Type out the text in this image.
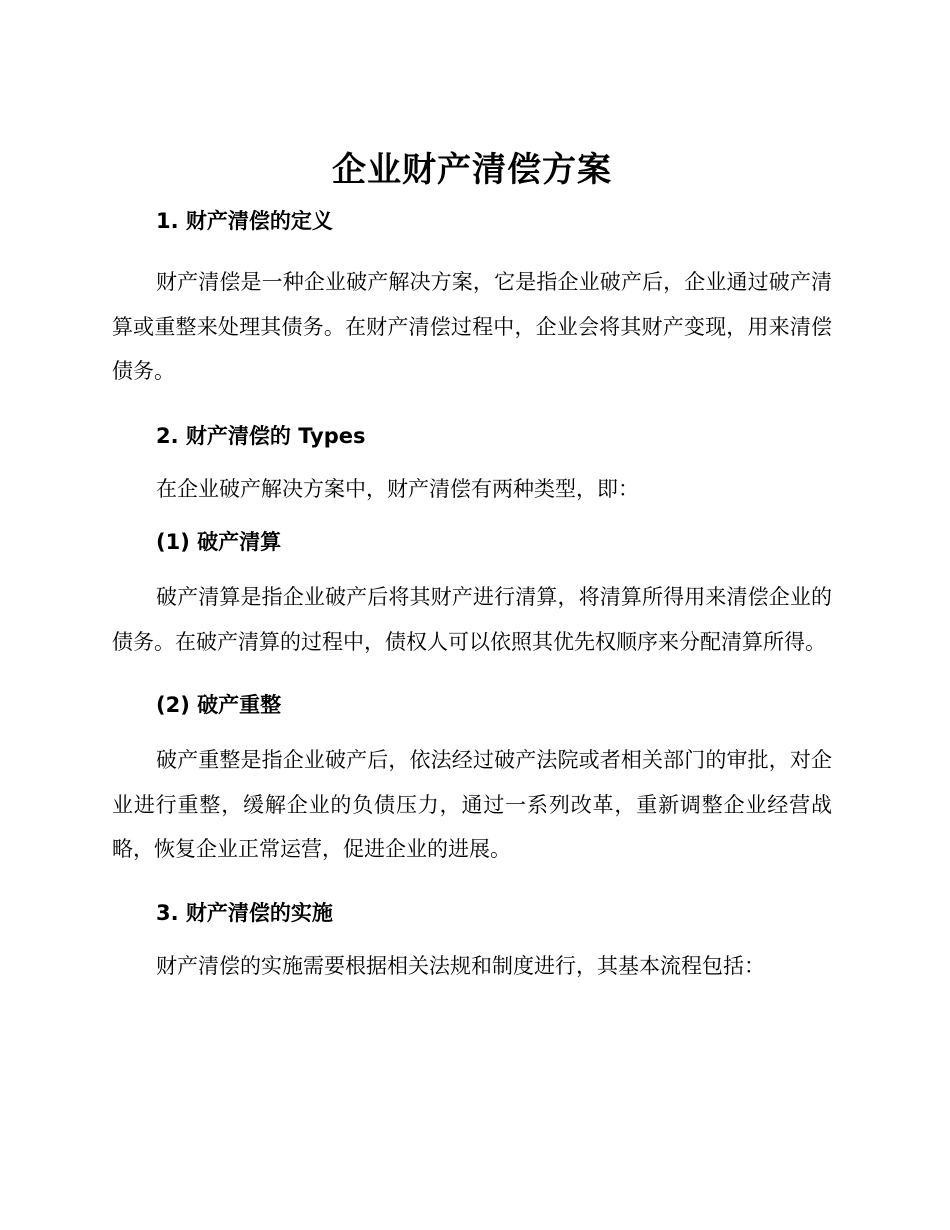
企业财产清偿方案
1. 财产清偿的定义

财产清偿是一种企业破产解决方案，它是指企业破产后，企业通过破产清算或重整来处理其债务。在财产清偿过程中，企业会将其财产变现，用来清偿债务。

2. 财产清偿的 Types

在企业破产解决方案中，财产清偿有两种类型，即：

(1) 破产清算

破产清算是指企业破产后将其财产进行清算，将清算所得用来清偿企业的债务。在破产清算的过程中，债权人可以依照其优先权顺序来分配清算所得。

(2) 破产重整

破产重整是指企业破产后，依法经过破产法院或者相关部门的审批，对企业进行重整，缓解企业的负债压力，通过一系列改革，重新调整企业经营战略，恢复企业正常运营，促进企业的进展。

3. 财产清偿的实施

财产清偿的实施需要根据相关法规和制度进行，其基本流程包括：
